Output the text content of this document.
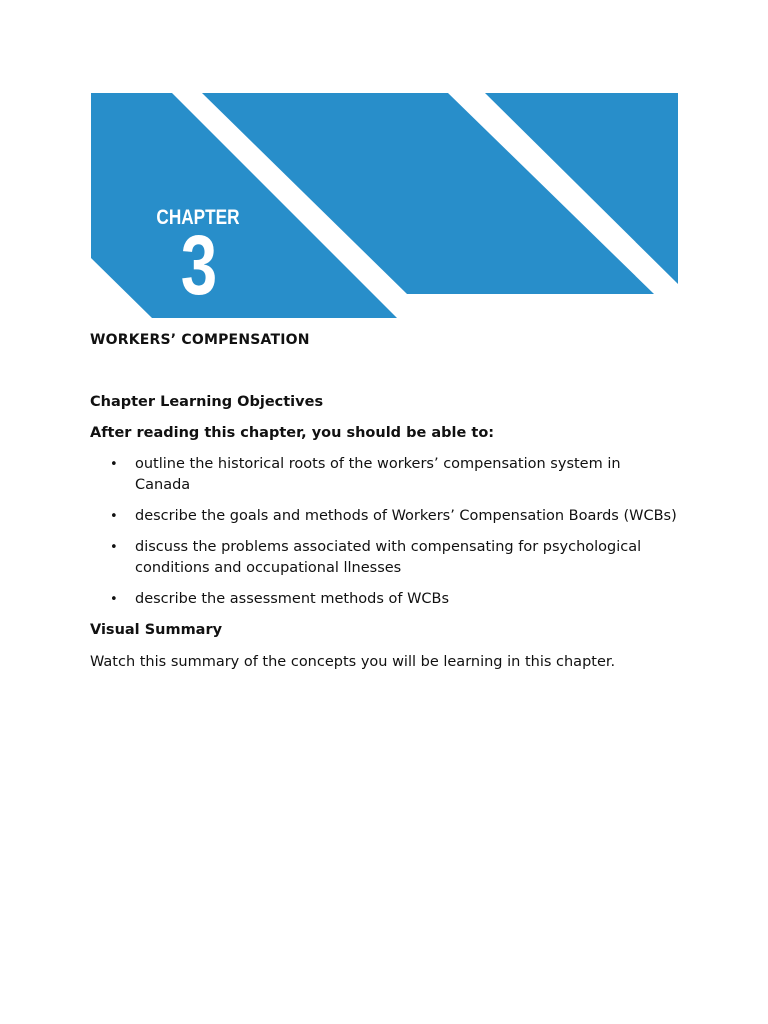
CHAPTER
3
WORKERS’ COMPENSATION
Chapter Learning Objectives

After reading this chapter, you should be able to:

• outline the historical roots of the workers’ compensation system in Canada
• describe the goals and methods of Workers’ Compensation Boards (WCBs)
• discuss the problems associated with compensating for psychological conditions and occupational llnesses
• describe the assessment methods of WCBs
Visual Summary

Watch this summary of the concepts you will be learning in this chapter.
